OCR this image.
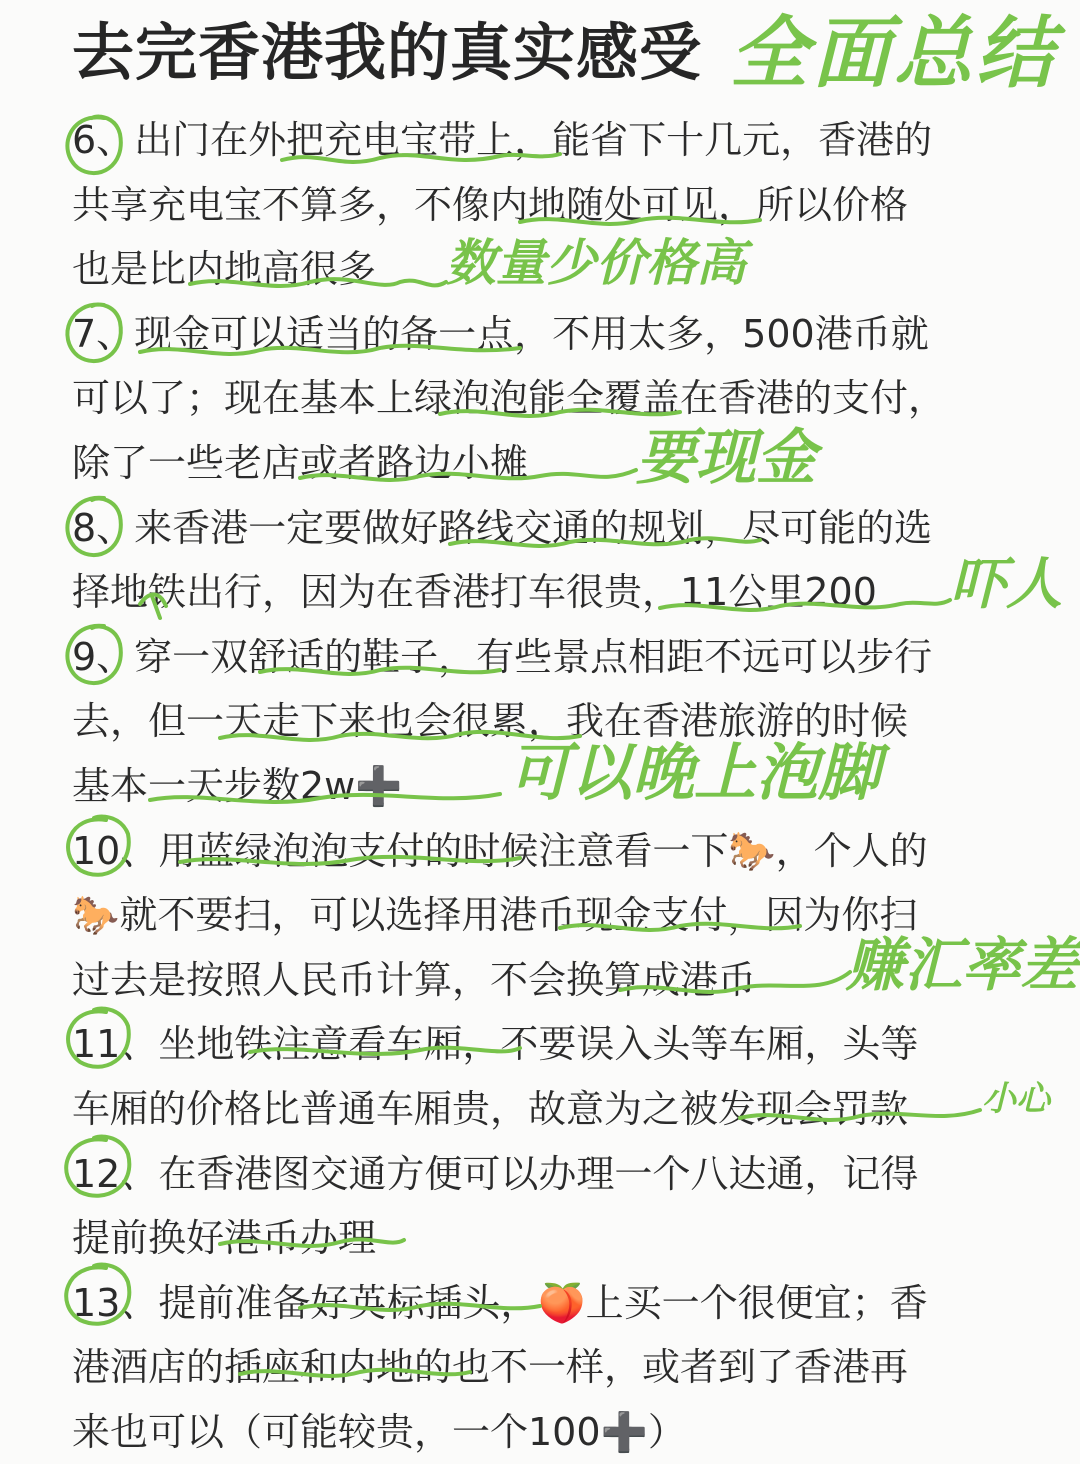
去完香港我的真实感受 全面总结
6、出门在外把充电宝带上，能省下十几元，香港的
共享充电宝不算多，不像内地随处可见，所以价格
也是比内地高很多
7、现金可以适当的备一点，不用太多，500港币就
可以了；现在基本上绿泡泡能全覆盖在香港的支付，
除了一些老店或者路边小摊
8、来香港一定要做好路线交通的规划，尽可能的选
择地铁出行，因为在香港打车很贵，11公里200
9、穿一双舒适的鞋子，有些景点相距不远可以步行
去，但一天走下来也会很累，我在香港旅游的时候
基本一天步数2w➕
10、用蓝绿泡泡支付的时候注意看一下🐎，个人的
🐎就不要扫，可以选择用港币现金支付，因为你扫
过去是按照人民币计算，不会换算成港币
11、坐地铁注意看车厢，不要误入头等车厢，头等
车厢的价格比普通车厢贵，故意为之被发现会罚款
12、在香港图交通方便可以办理一个八达通，记得
提前换好港币办理
13、提前准备好英标插头，🍑上买一个很便宜；香
港酒店的插座和内地的也不一样，或者到了香港再
来也可以（可能较贵，一个100➕）
数量少价格高
要现金
吓人
可以晚上泡脚
赚汇率差
小心
